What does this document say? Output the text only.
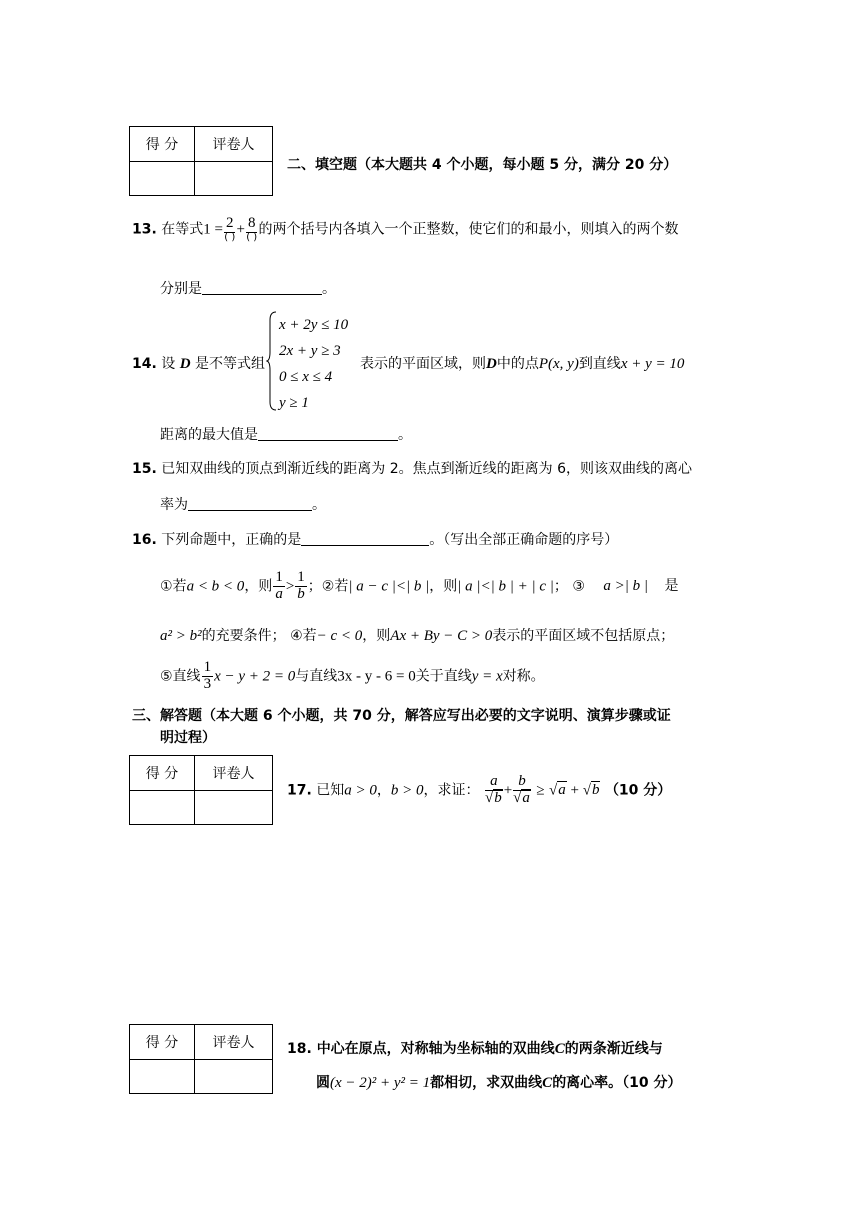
得 分	评卷人

二、填空题（本大题共 4 个小题，每小题 5 分，满分 20 分）
13. 在等式$1 = \frac{2}{( )} + \frac{8}{( )}$ 的两个括号内各填入一个正整数，使它们的和最小，则填入的两个数
分别是	。
14. 设 D 是不等式组
x + 2y ≤ 10
2x + y ≥ 3
0 ≤ x ≤ 4
y ≥ 1
表示的平面区域，则D中的点P(x, y)到直线x + y = 10
距离的最大值是	。
15. 已知双曲线的顶点到渐近线的距离为 2。焦点到渐近线的距离为 6，则该双曲线的离心
率为	。
16. 下列命题中，正确的是	。（写出全部正确命题的序号）
①若a < b < 0，则 $\frac{1}{a} > \frac{1}{b}$ ；②若| a − c |<| b |，则| a |<| b | + | c |； ③ a >| b | 是
a² > b²的充要条件； ④若− c < 0，则Ax + By − C > 0表示的平面区域不包括原点；
⑤直线 $\frac{1}{3}$ x − y + 2 = 0与直线3x - y - 6 = 0关于直线y = x对称。
三、解答题（本大题 6 个小题，共 70 分，解答应写出必要的文字说明、演算步骤或证
明过程）
得 分	评卷人

17. 已知a > 0，b > 0，求证： $\frac{a}{√b} + \frac{b}{√a} \ge √a + √b$ （10 分）
得 分	评卷人
	18. 中心在原点，对称轴为坐标轴的双曲线C的两条渐近线与
圆(x − 2)² + y² = 1都相切，求双曲线C的离心率。（10 分）
